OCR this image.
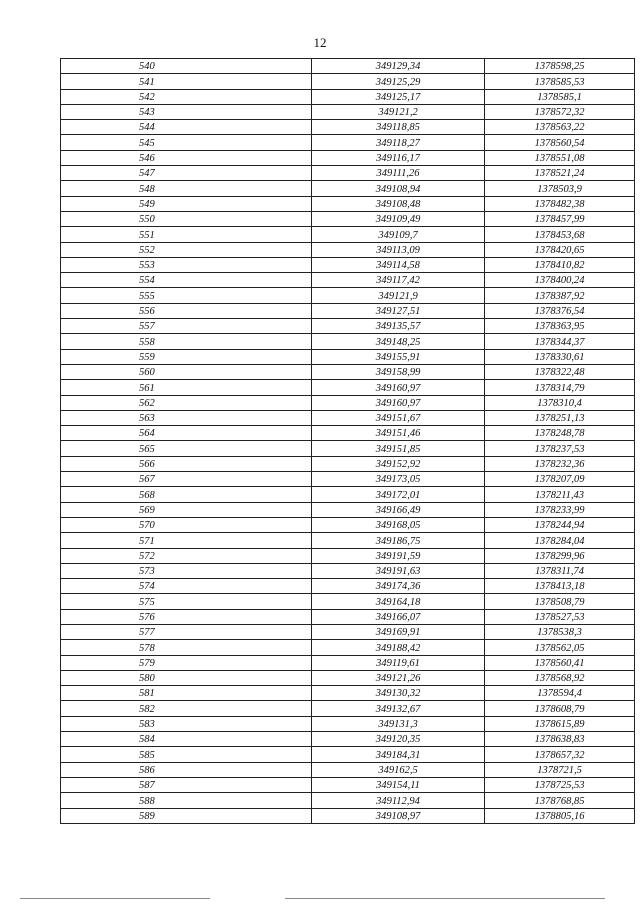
12
540	349129,34	1378598,25
541	349125,29	1378585,53
542	349125,17	1378585,1
543	349121,2	1378572,32
544	349118,85	1378563,22
545	349118,27	1378560,54
546	349116,17	1378551,08
547	349111,26	1378521,24
548	349108,94	1378503,9
549	349108,48	1378482,38
550	349109,49	1378457,99
551	349109,7	1378453,68
552	349113,09	1378420,65
553	349114,58	1378410,82
554	349117,42	1378400,24
555	349121,9	1378387,92
556	349127,51	1378376,54
557	349135,57	1378363,95
558	349148,25	1378344,37
559	349155,91	1378330,61
560	349158,99	1378322,48
561	349160,97	1378314,79
562	349160,97	1378310,4
563	349151,67	1378251,13
564	349151,46	1378248,78
565	349151,85	1378237,53
566	349152,92	1378232,36
567	349173,05	1378207,09
568	349172,01	1378211,43
569	349166,49	1378233,99
570	349168,05	1378244,94
571	349186,75	1378284,04
572	349191,59	1378299,96
573	349191,63	1378311,74
574	349174,36	1378413,18
575	349164,18	1378508,79
576	349166,07	1378527,53
577	349169,91	1378538,3
578	349188,42	1378562,05
579	349119,61	1378560,41
580	349121,26	1378568,92
581	349130,32	1378594,4
582	349132,67	1378608,79
583	349131,3	1378615,89
584	349120,35	1378638,83
585	349184,31	1378657,32
586	349162,5	1378721,5
587	349154,11	1378725,53
588	349112,94	1378768,85
589	349108,97	1378805,16
